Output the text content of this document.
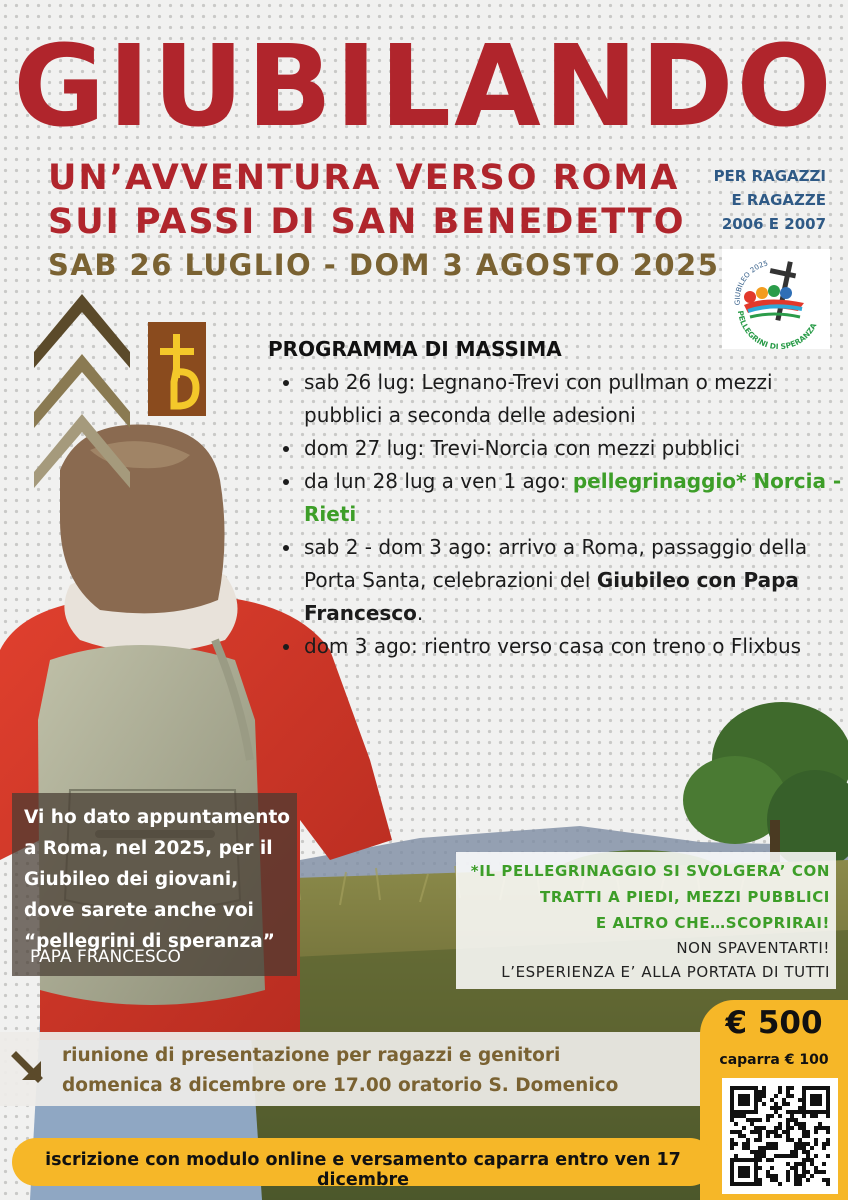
GIUBILANDO
UN’AVVENTURA VERSO ROMA
SUI PASSI DI SAN BENEDETTO
SAB 26 LUGLIO - DOM 3 AGOSTO 2025
PER RAGAZZI
E RAGAZZE
2006 E 2007
GIUBILEO 2025
PELLEGRINI DI SPERANZA
PROGRAMMA DI MASSIMA
• sab 26 lug: Legnano-Trevi con pullman o mezzi pubblici a seconda delle adesioni
• dom 27 lug: Trevi-Norcia con mezzi pubblici
• da lun 28 lug a ven 1 ago: pellegrinaggio* Norcia - Rieti
• sab 2 - dom 3 ago: arrivo a Roma, passaggio della Porta Santa, celebrazioni del Giubileo con Papa Francesco.
• dom 3 ago: rientro verso casa con treno o Flixbus
Vi ho dato appuntamento
a Roma, nel 2025, per il
Giubileo dei giovani,
dove sarete anche voi
“pellegrini di speranza”
PAPA FRANCESCO
*IL PELLEGRINAGGIO SI SVOLGERA’ CON
TRATTI A PIEDI, MEZZI PUBBLICI
E ALTRO CHE…SCOPRIRAI!
NON SPAVENTARTI!
L’ESPERIENZA E’ ALLA PORTATA DI TUTTI
riunione di presentazione per ragazzi e genitori
domenica 8 dicembre ore 17.00 oratorio S. Domenico
€ 500
caparra € 100
iscrizione con modulo online e versamento caparra entro ven 17 dicembre
